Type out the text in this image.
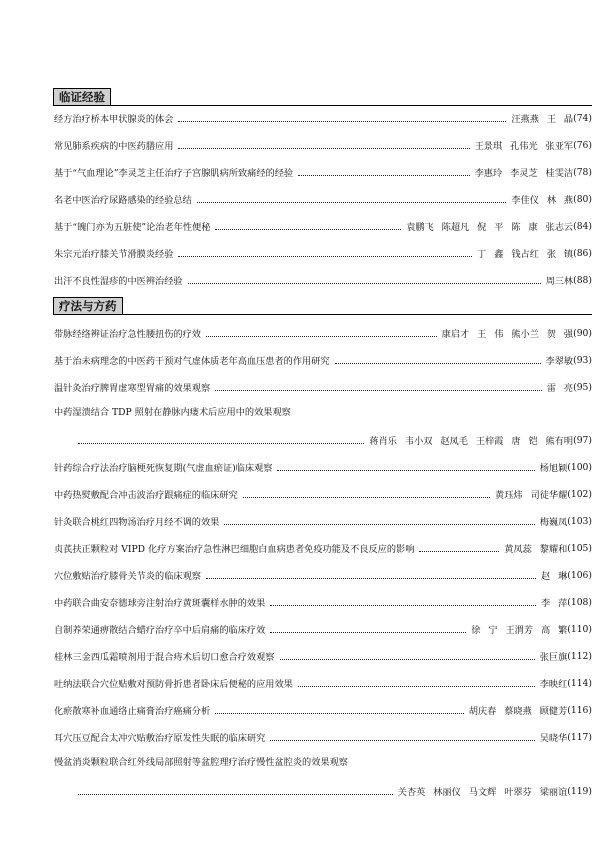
临证经验
经方治疗桥本甲状腺炎的体会	汪燕燕 王 晶 (74)
常见肺系疾病的中医药膳应用	王景琪 孔伟光 张亚军 (76)
基于“气血理论”李灵芝主任治疗子宫腺肌病所致痛经的经验	李惠玲 李灵芝 桂雯洁 (78)
名老中医治疗尿路感染的经验总结	李佳仪 林 燕 (80)
基于“魄门亦为五脏使”论治老年性便秘	袁鹏飞 陈超凡 倪 平 陈 康 张志云 (84)
朱宗元治疗膝关节滑膜炎经验	丁 鑫 钱占红 张 镇 (86)
出汗不良性湿疹的中医辨治经验	周三林 (88)
疗法与方药
带脉经络辨证治疗急性腰扭伤的疗效	康启才 王 伟 熊小兰 贺 强 (90)
基于治未病理念的中医药干预对气虚体质老年高血压患者的作用研究	李翠敏 (93)
温针灸治疗脾胃虚寒型胃痛的效果观察	雷 亮 (95)
中药湿溃结合 TDP 照射在静脉内瘘术后应用中的效果观察
蒋肖乐 韦小双 赵凤毛 王梓霞 唐 铠 熊有明 (97)
针药综合疗法治疗脑梗死恢复期(气虚血瘀证)临床观察	杨旭颖 (100)
中药热熨敷配合冲击波治疗跟痛症的临床研究	黄珏炜 司徒华耀 (102)
针灸联合桃红四物汤治疗月经不调的效果	梅巍凤 (103)
贞芪扶正颗粒对 VIPD 化疗方案治疗急性淋巴细胞白血病患者免疫功能及不良反应的影响	黄凤蕊 黎耀和 (105)
穴位敷贴治疗膝骨关节炎的临床观察	赵 琳 (106)
中药联合曲安奈德球旁注射治疗黄斑囊样水肿的效果	李 萍 (108)
自制养荣通痹散结合蜡疗治疗卒中后肩痛的临床疗效	徐 宁 王渭芳 高 繁 (110)
桂林三金西瓜霜喷剂用于混合痔术后切口愈合疗效观察	张巨旗 (112)
吐纳法联合穴位贴敷对预防骨折患者卧床后便秘的应用效果	李映红 (114)
化瘀散寒补血通络止痛膏治疗癌痛分析	胡庆春 蔡晓燕 顾健芳 (116)
耳穴压豆配合太冲穴贴敷治疗原发性失眠的临床研究	吴晓华 (117)
慢盆消炎颗粒联合红外线局部照射等盆腔理疗治疗慢性盆腔炎的效果观察
关杏英 林丽仪 马文辉 叶翠芬 梁丽谊 (119)
